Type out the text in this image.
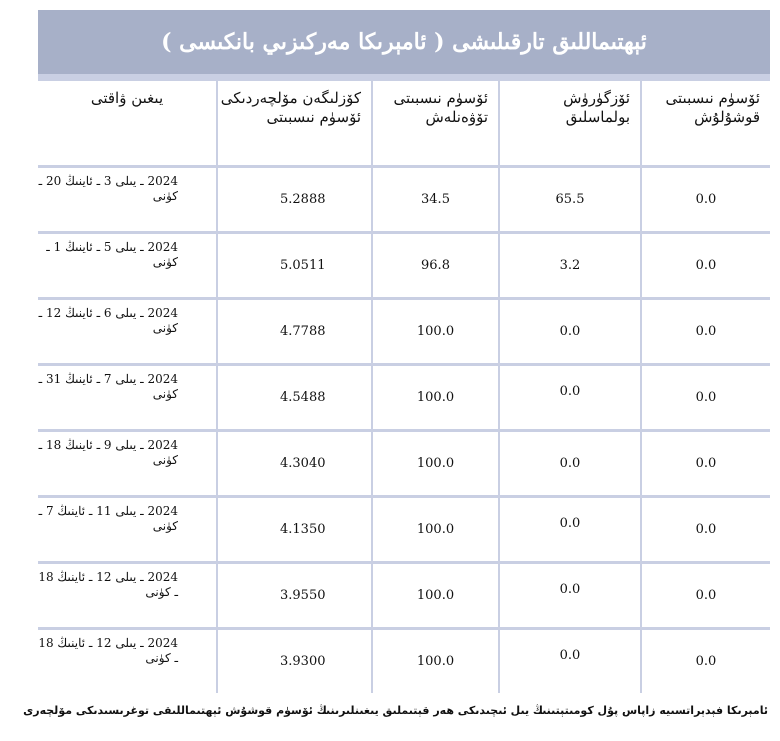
ئېھتىماللىق تارقىلىشى ( ئامېرىكا مەركىزىي بانكىسى )
ئۆسۈم نىسبىتى قوشۇلۇش	ئۆزگۈرۈش بولماسلىق	ئۆسۈم نىسبىتى تۆۋەنلەش	كۆزلىگەن مۆلچەردىكى ئۆسۈم نىسبىتى	يىغىن ۋاقتى

0.0	65.5	34.5	5.2888	2024 ـ يىلى 3 ـ ئاينىڭ 20 ـ كۈنى

0.0	3.2	96.8	5.0511	2024 ـ يىلى 5 ـ ئاينىڭ 1 ـ كۈنى

0.0	0.0	100.0	4.7788	2024 ـ يىلى 6 ـ ئاينىڭ 12 ـ كۈنى

0.0	0.0	100.0	4.5488	2024 ـ يىلى 7 ـ ئاينىڭ 31 ـ كۈنى

0.0	0.0	100.0	4.3040	2024 ـ يىلى 9 ـ ئاينىڭ 18 ـ كۈنى

0.0	0.0	100.0	4.1350	2024 ـ يىلى 11 ـ ئاينىڭ 7 ـ كۈنى

0.0	0.0	100.0	3.9550	2024 ـ يىلى 12 ـ ئاينىڭ 18 ـ كۈنى

0.0	0.0	100.0	3.9300	2024 ـ يىلى 12 ـ ئاينىڭ 18 ـ كۈنى
ئامېرىكا فېدېراتسىيە زاپاس پۇل كومىتېتىنىڭ يىل ئىچىدىكى ھەر قېتىملىق يىغىنلىرىنىڭ ئۆسۈم قوشۇش ئېھتىماللىقى توغرىسىدىكى مۆلچەرى
